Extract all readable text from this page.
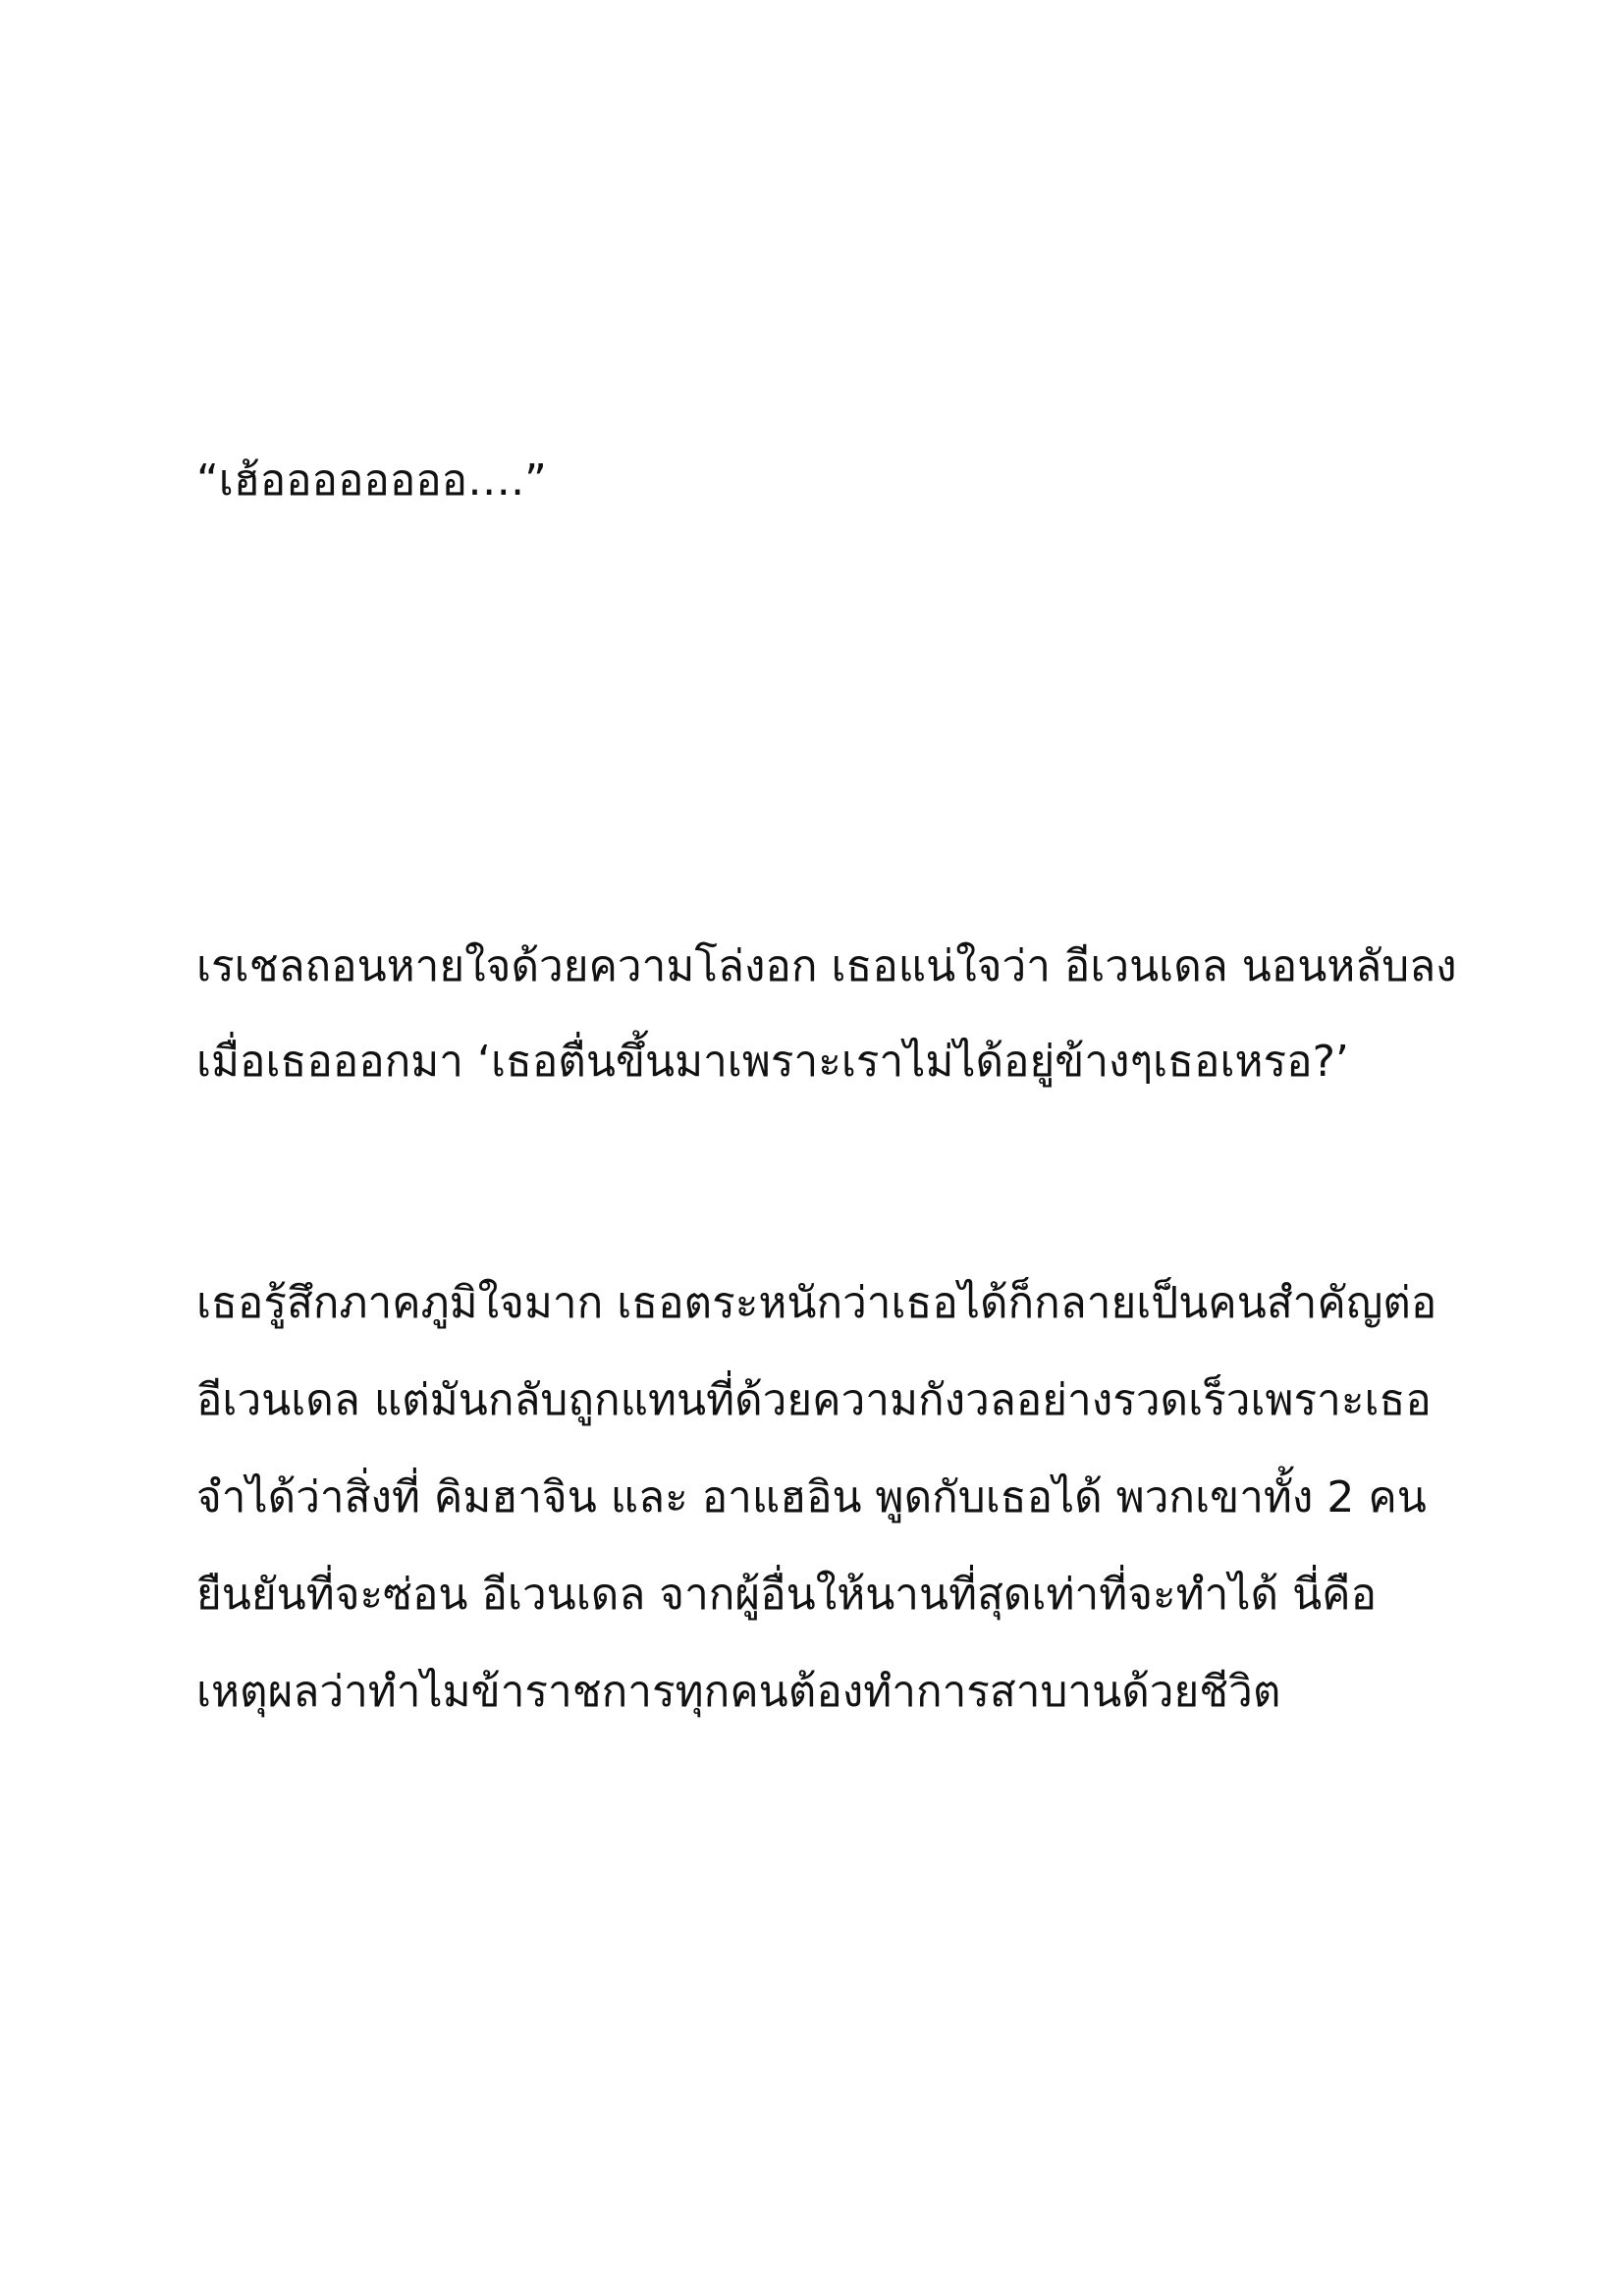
“เฮ้ออออออออ….”
เรเชลถอนหายใจด้วยความโล่งอก เธอแน่ใจว่า อีเวนเดล นอนหลับลง
เมื่อเธอออกมา ‘เธอตื่นขึ้นมาเพราะเราไม่ได้อยู่ข้างๆเธอเหรอ?’
เธอรู้สึกภาคภูมิใจมาก เธอตระหนักว่าเธอได้ก็กลายเป็นคนสำคัญต่อ
อีเวนเดล แต่มันกลับถูกแทนที่ด้วยความกังวลอย่างรวดเร็วเพราะเธอ
จำได้ว่าสิ่งที่ คิมฮาจิน และ อาแฮอิน พูดกับเธอได้ พวกเขาทั้ง 2 คน
ยืนยันที่จะซ่อน อีเวนเดล จากผู้อื่นให้นานที่สุดเท่าที่จะทำได้ นี่คือ
เหตุผลว่าทำไมข้าราชการทุกคนต้องทำการสาบานด้วยชีวิต
